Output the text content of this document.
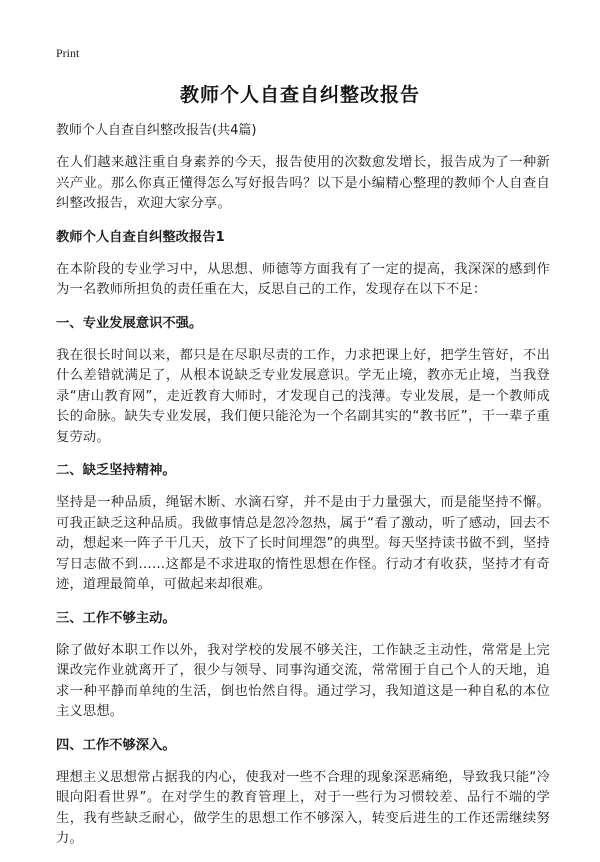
Print
教师个人自查自纠整改报告

教师个人自查自纠整改报告(共4篇)

在人们越来越注重自身素养的今天，报告使用的次数愈发增长，报告成为了一种新兴产业。那么你真正懂得怎么写好报告吗？以下是小编精心整理的教师个人自查自纠整改报告，欢迎大家分享。

教师个人自查自纠整改报告1

在本阶段的专业学习中，从思想、师德等方面我有了一定的提高，我深深的感到作为一名教师所担负的责任重在大，反思自己的工作，发现存在以下不足：

一、专业发展意识不强。

我在很长时间以来，都只是在尽职尽责的工作，力求把课上好，把学生管好，不出什么差错就满足了，从根本说缺乏专业发展意识。学无止境，教亦无止境，当我登录“唐山教育网”，走近教育大师时，才发现自己的浅薄。专业发展，是一个教师成长的命脉。缺失专业发展，我们便只能沦为一个名副其实的“教书匠”，干一辈子重复劳动。

二、缺乏坚持精神。

坚持是一种品质，绳锯木断、水滴石穿，并不是由于力量强大，而是能坚持不懈。可我正缺乏这种品质。我做事情总是忽冷忽热，属于“看了激动，听了感动，回去不动，想起来一阵子干几天，放下了长时间埋怨”的典型。每天坚持读书做不到，坚持写日志做不到……这都是不求进取的惰性思想在作怪。行动才有收获，坚持才有奇迹，道理最简单，可做起来却很难。

三、工作不够主动。

除了做好本职工作以外，我对学校的发展不够关注，工作缺乏主动性，常常是上完课改完作业就离开了，很少与领导、同事沟通交流，常常囿于自己个人的天地，追求一种平静而单纯的生活，倒也怡然自得。通过学习，我知道这是一种自私的本位主义思想。

四、工作不够深入。

理想主义思想常占据我的内心，使我对一些不合理的现象深恶痛绝，导致我只能“冷眼向阳看世界”。在对学生的教育管理上，对于一些行为习惯较差、品行不端的学生，我有些缺乏耐心，做学生的思想工作不够深入，转变后进生的工作还需继续努力。
